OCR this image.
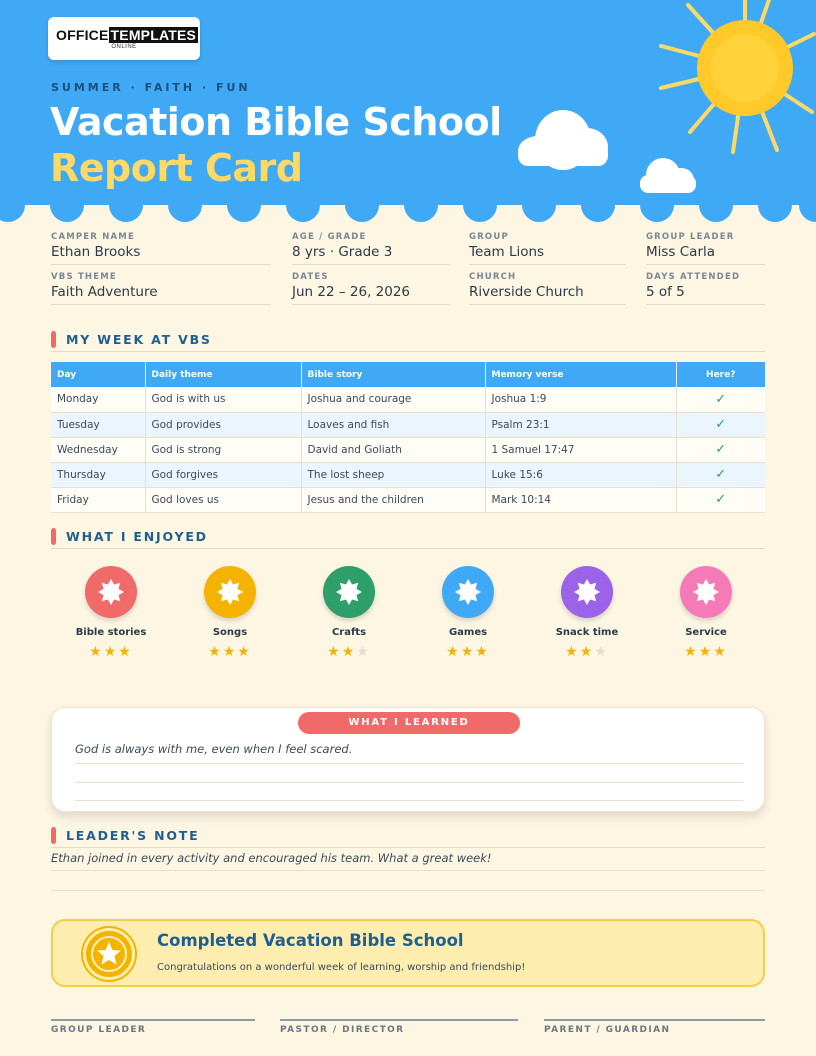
OFFICE TEMPLATES
ONLINE
SUMMER · FAITH · FUN
Vacation Bible School
Report Card
CAMPER NAME
Ethan Brooks
AGE / GRADE
8 yrs · Grade 3
GROUP
Team Lions
GROUP LEADER
Miss Carla
VBS THEME
Faith Adventure
DATES
Jun 22 – 26, 2026
CHURCH
Riverside Church
DAYS ATTENDED
5 of 5
MY WEEK AT VBS
Day	Daily theme	Bible story	Memory verse	Here?
Monday	God is with us	Joshua and courage	Joshua 1:9	✓
Tuesday	God provides	Loaves and fish	Psalm 23:1	✓
Wednesday	God is strong	David and Goliath	1 Samuel 17:47	✓
Thursday	God forgives	The lost sheep	Luke 15:6	✓
Friday	God loves us	Jesus and the children	Mark 10:14	✓
WHAT I ENJOYED
Bible stories
★★★
Songs
★★★
Crafts
★★★
Games
★★★
Snack time
★★★
Service
★★★
WHAT I LEARNED
God is always with me, even when I feel scared.
LEADER'S NOTE
Ethan joined in every activity and encouraged his team. What a great week!
Completed Vacation Bible School
Congratulations on a wonderful week of learning, worship and friendship!
GROUP LEADER	PASTOR / DIRECTOR	PARENT / GUARDIAN
